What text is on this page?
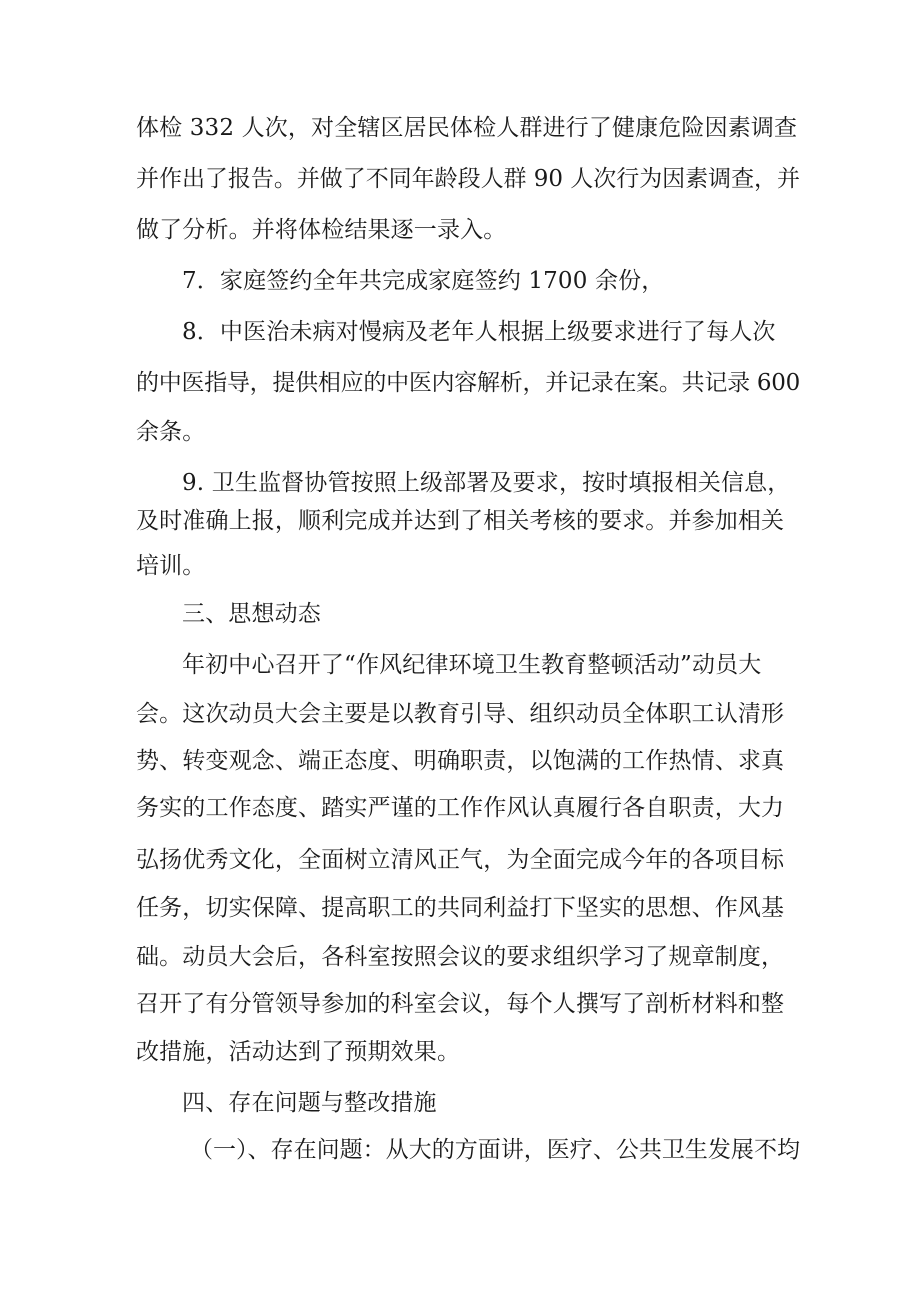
体检 332 人次，对全辖区居民体检人群进行了健康危险因素调查
并作出了报告。并做了不同年龄段人群 90 人次行为因素调查，并
做了分析。并将体检结果逐一录入。
7．家庭签约全年共完成家庭签约 1700 余份，
8．中医治未病对慢病及老年人根据上级要求进行了每人次
的中医指导，提供相应的中医内容解析，并记录在案。共记录 600
余条。
9. 卫生监督协管按照上级部署及要求，按时填报相关信息，
及时准确上报，顺利完成并达到了相关考核的要求。并参加相关
培训。
三、思想动态
年初中心召开了“作风纪律环境卫生教育整顿活动”动员大
会。这次动员大会主要是以教育引导、组织动员全体职工认清形
势、转变观念、端正态度、明确职责，以饱满的工作热情、求真
务实的工作态度、踏实严谨的工作作风认真履行各自职责，大力
弘扬优秀文化，全面树立清风正气，为全面完成今年的各项目标
任务，切实保障、提高职工的共同利益打下坚实的思想、作风基
础。动员大会后，各科室按照会议的要求组织学习了规章制度，
召开了有分管领导参加的科室会议，每个人撰写了剖析材料和整
改措施，活动达到了预期效果。
四、存在问题与整改措施
（一）、存在问题：从大的方面讲，医疗、公共卫生发展不均
